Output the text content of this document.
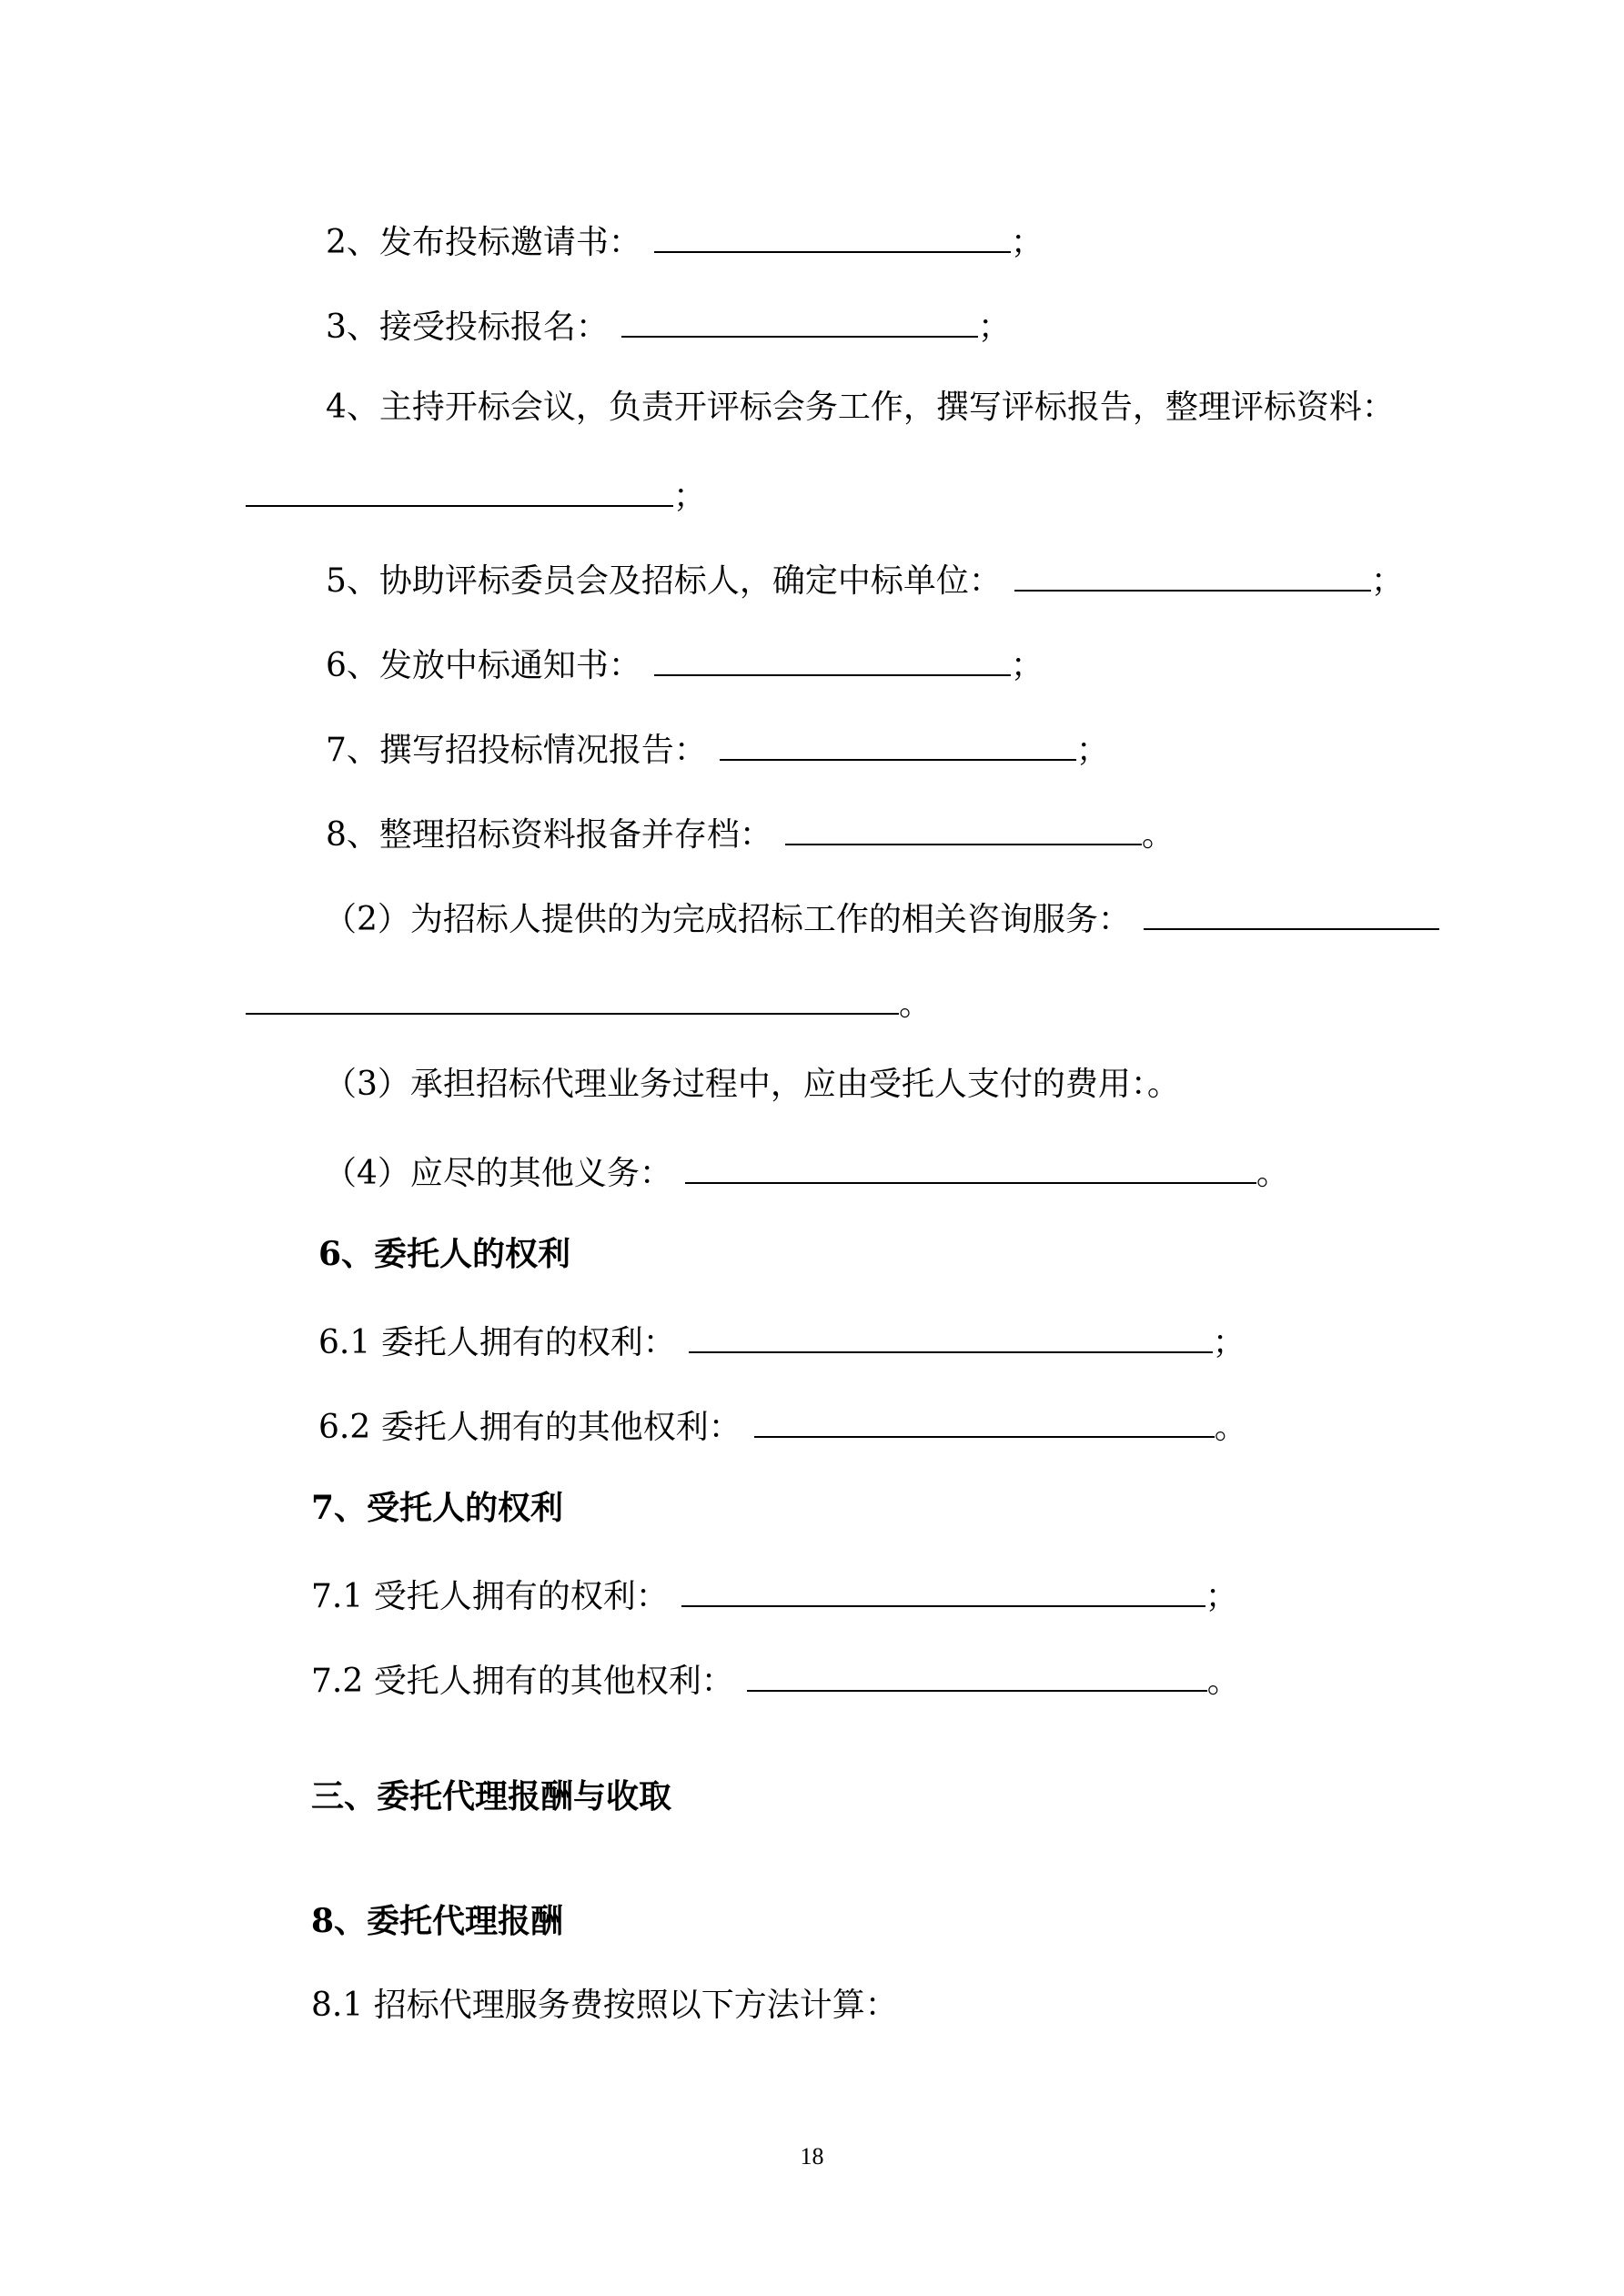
2、发布投标邀请书：	；
3、接受投标报名：	；
4、主持开标会议，负责开评标会务工作，撰写评标报告，整理评标资料：
；
5、协助评标委员会及招标人，确定中标单位：	；
6、发放中标通知书：	；
7、撰写招投标情况报告：	；
8、整理招标资料报备并存档：	。
（2）为招标人提供的为完成招标工作的相关咨询服务：
。
（3）承担招标代理业务过程中，应由受托人支付的费用：。
（4）应尽的其他义务：	。
6、委托人的权利
6.1 委托人拥有的权利：	；
6.2 委托人拥有的其他权利：	。
7、受托人的权利
7.1 受托人拥有的权利：	；
7.2 受托人拥有的其他权利：	。
三、委托代理报酬与收取
8、委托代理报酬
8.1 招标代理服务费按照以下方法计算：
18
